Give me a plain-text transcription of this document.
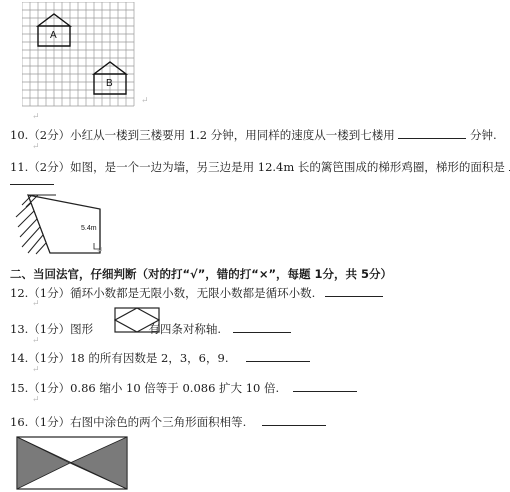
A
B
↵
↵
10.（2分）小红从一楼到三楼要用 1.2 分钟，用同样的速度从一楼到七楼用	分钟.
↵
11.（2分）如图，是一个一边为墙，另三边是用 12.4m 长的篱笆围成的梯形鸡圈，梯形的面积是
5.4m
↵
二、当回法官，仔细判断（对的打“√”，错的打“×”，每题 1分，共 5分）
12.（1分）循环小数都是无限小数，无限小数都是循环小数.
↵
13.（1分）图形	有四条对称轴.
↵
14.（1分）18 的所有因数是 2，3，6，9.
↵
15.（1分）0.86 缩小 10 倍等于 0.086 扩大 10 倍.
↵
16.（1分）右图中涂色的两个三角形面积相等.
